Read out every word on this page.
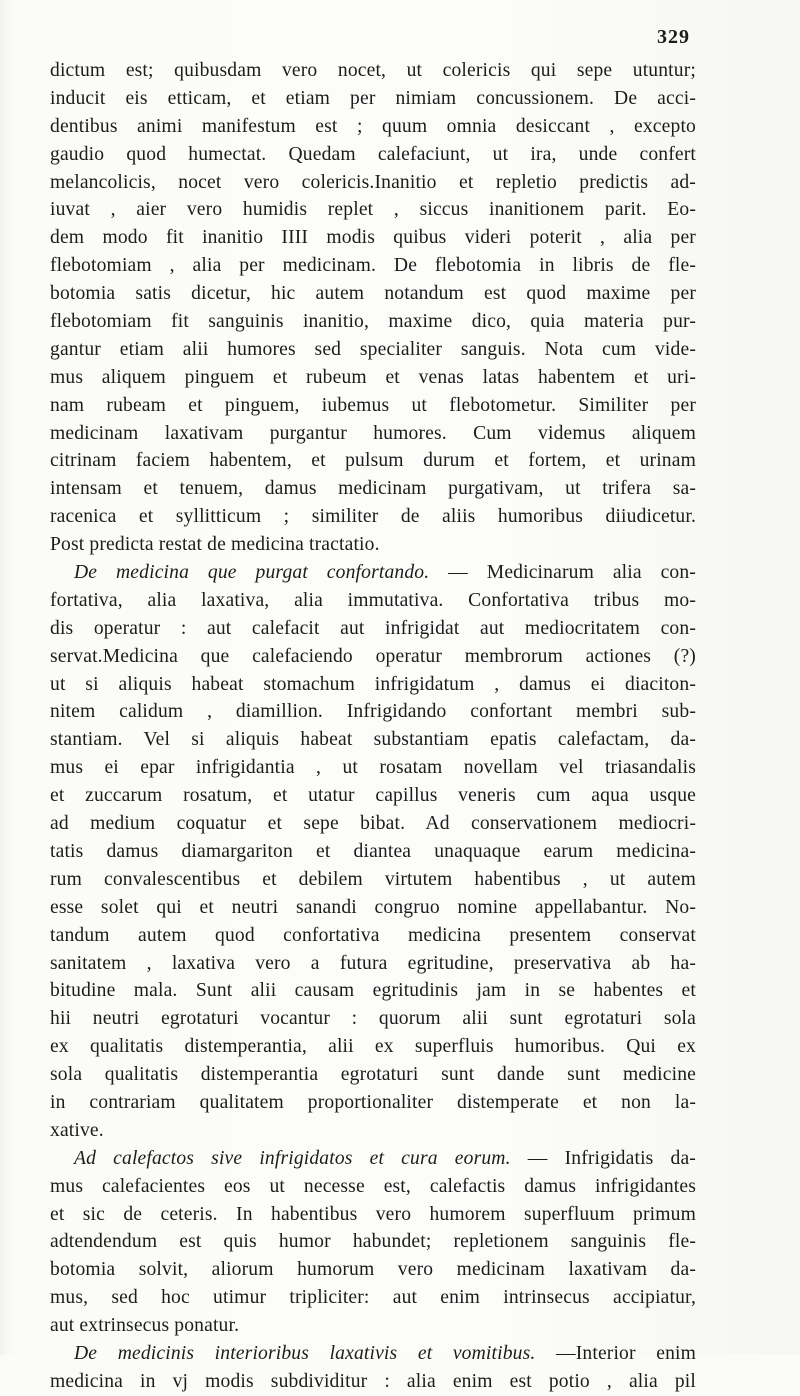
329
dictum est; quibusdam vero nocet, ut colericis qui sepe utuntur;
inducit eis etticam, et etiam per nimiam concussionem. De acci-
dentibus animi manifestum est ; quum omnia desiccant , excepto
gaudio quod humectat. Quedam calefaciunt, ut ira, unde confert
melancolicis, nocet vero colericis.Inanitio et repletio predictis ad-
iuvat , aier vero humidis replet , siccus inanitionem parit. Eo-
dem modo fit inanitio IIII modis quibus videri poterit , alia per
flebotomiam , alia per medicinam. De flebotomia in libris de fle-
botomia satis dicetur, hic autem notandum est quod maxime per
flebotomiam fit sanguinis inanitio, maxime dico, quia materia pur-
gantur etiam alii humores sed specialiter sanguis. Nota cum vide-
mus aliquem pinguem et rubeum et venas latas habentem et uri-
nam rubeam et pinguem, iubemus ut flebotometur. Similiter per
medicinam laxativam purgantur humores. Cum videmus aliquem
citrinam faciem habentem, et pulsum durum et fortem, et urinam
intensam et tenuem, damus medicinam purgativam, ut trifera sa-
racenica et syllitticum ; similiter de aliis humoribus diiudicetur.
Post predicta restat de medicina tractatio.
De medicina que purgat confortando. — Medicinarum alia con-
fortativa, alia laxativa, alia immutativa. Confortativa tribus mo-
dis operatur : aut calefacit aut infrigidat aut mediocritatem con-
servat.Medicina que calefaciendo operatur membrorum actiones (?)
ut si aliquis habeat stomachum infrigidatum , damus ei diaciton-
nitem calidum , diamillion. Infrigidando confortant membri sub-
stantiam. Vel si aliquis habeat substantiam epatis calefactam, da-
mus ei epar infrigidantia , ut rosatam novellam vel triasandalis
et zuccarum rosatum, et utatur capillus veneris cum aqua usque
ad medium coquatur et sepe bibat. Ad conservationem mediocri-
tatis damus diamargariton et diantea unaquaque earum medicina-
rum convalescentibus et debilem virtutem habentibus , ut autem
esse solet qui et neutri sanandi congruo nomine appellabantur. No-
tandum autem quod confortativa medicina presentem conservat
sanitatem , laxativa vero a futura egritudine, preservativa ab ha-
bitudine mala. Sunt alii causam egritudinis jam in se habentes et
hii neutri egrotaturi vocantur : quorum alii sunt egrotaturi sola
ex qualitatis distemperantia, alii ex superfluis humoribus. Qui ex
sola qualitatis distemperantia egrotaturi sunt dande sunt medicine
in contrariam qualitatem proportionaliter distemperate et non la-
xative.
Ad calefactos sive infrigidatos et cura eorum. — Infrigidatis da-
mus calefacientes eos ut necesse est, calefactis damus infrigidantes
et sic de ceteris. In habentibus vero humorem superfluum primum
adtendendum est quis humor habundet; repletionem sanguinis fle-
botomia solvit, aliorum humorum vero medicinam laxativam da-
mus, sed hoc utimur tripliciter: aut enim intrinsecus accipiatur,
aut extrinsecus ponatur.
De medicinis interioribus laxativis et vomitibus. —Interior enim
medicina in vj modis subdividitur : alia enim est potio , alia pil
